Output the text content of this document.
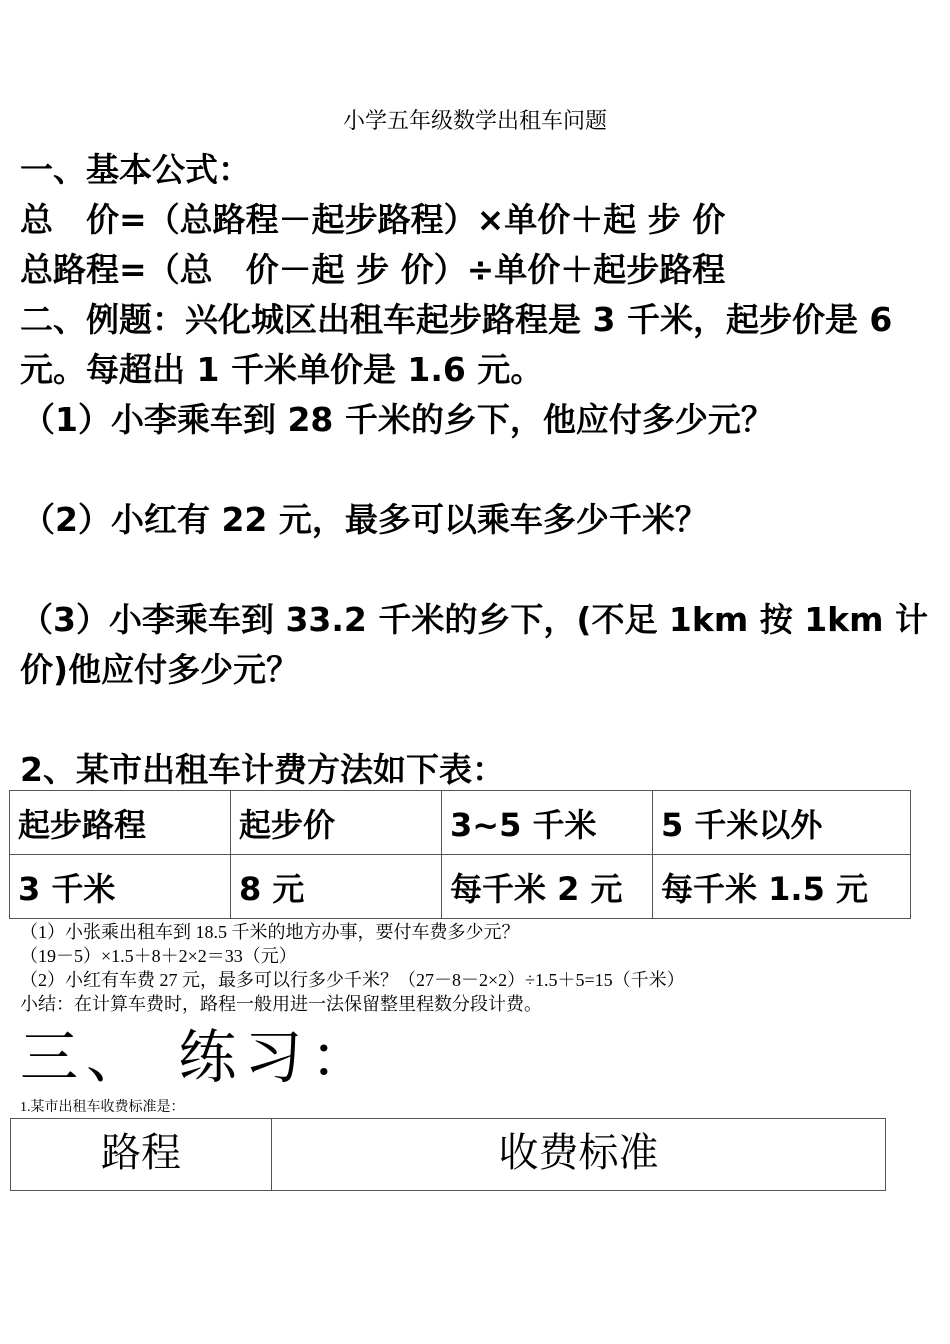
小学五年级数学出租车问题
一、基本公式：
总　价=（总路程－起步路程）×单价＋起 步 价
总路程=（总　价－起 步 价）÷单价＋起步路程
二、例题：兴化城区出租车起步路程是 3 千米，起步价是 6 元。每超出 1 千米单价是 1.6 元。
（1）小李乘车到 28 千米的乡下，他应付多少元？
（2）小红有 22 元，最多可以乘车多少千米？
（3）小李乘车到 33.2 千米的乡下，(不足 1km 按 1km 计价)他应付多少元？
2、某市出租车计费方法如下表：
起步路程	起步价	3~5 千米	5 千米以外
3 千米	8 元	每千米 2 元	每千米 1.5 元
（1）小张乘出租车到 18.5 千米的地方办事，要付车费多少元？
（19－5）×1.5＋8＋2×2＝33（元）
（2）小红有车费 27 元，最多可以行多少千米？（27－8－2×2）÷1.5＋5=15（千米）
小结：在计算车费时，路程一般用进一法保留整里程数分段计费。
三、 练习：
1.某市出租车收费标准是：
路程	收费标准
